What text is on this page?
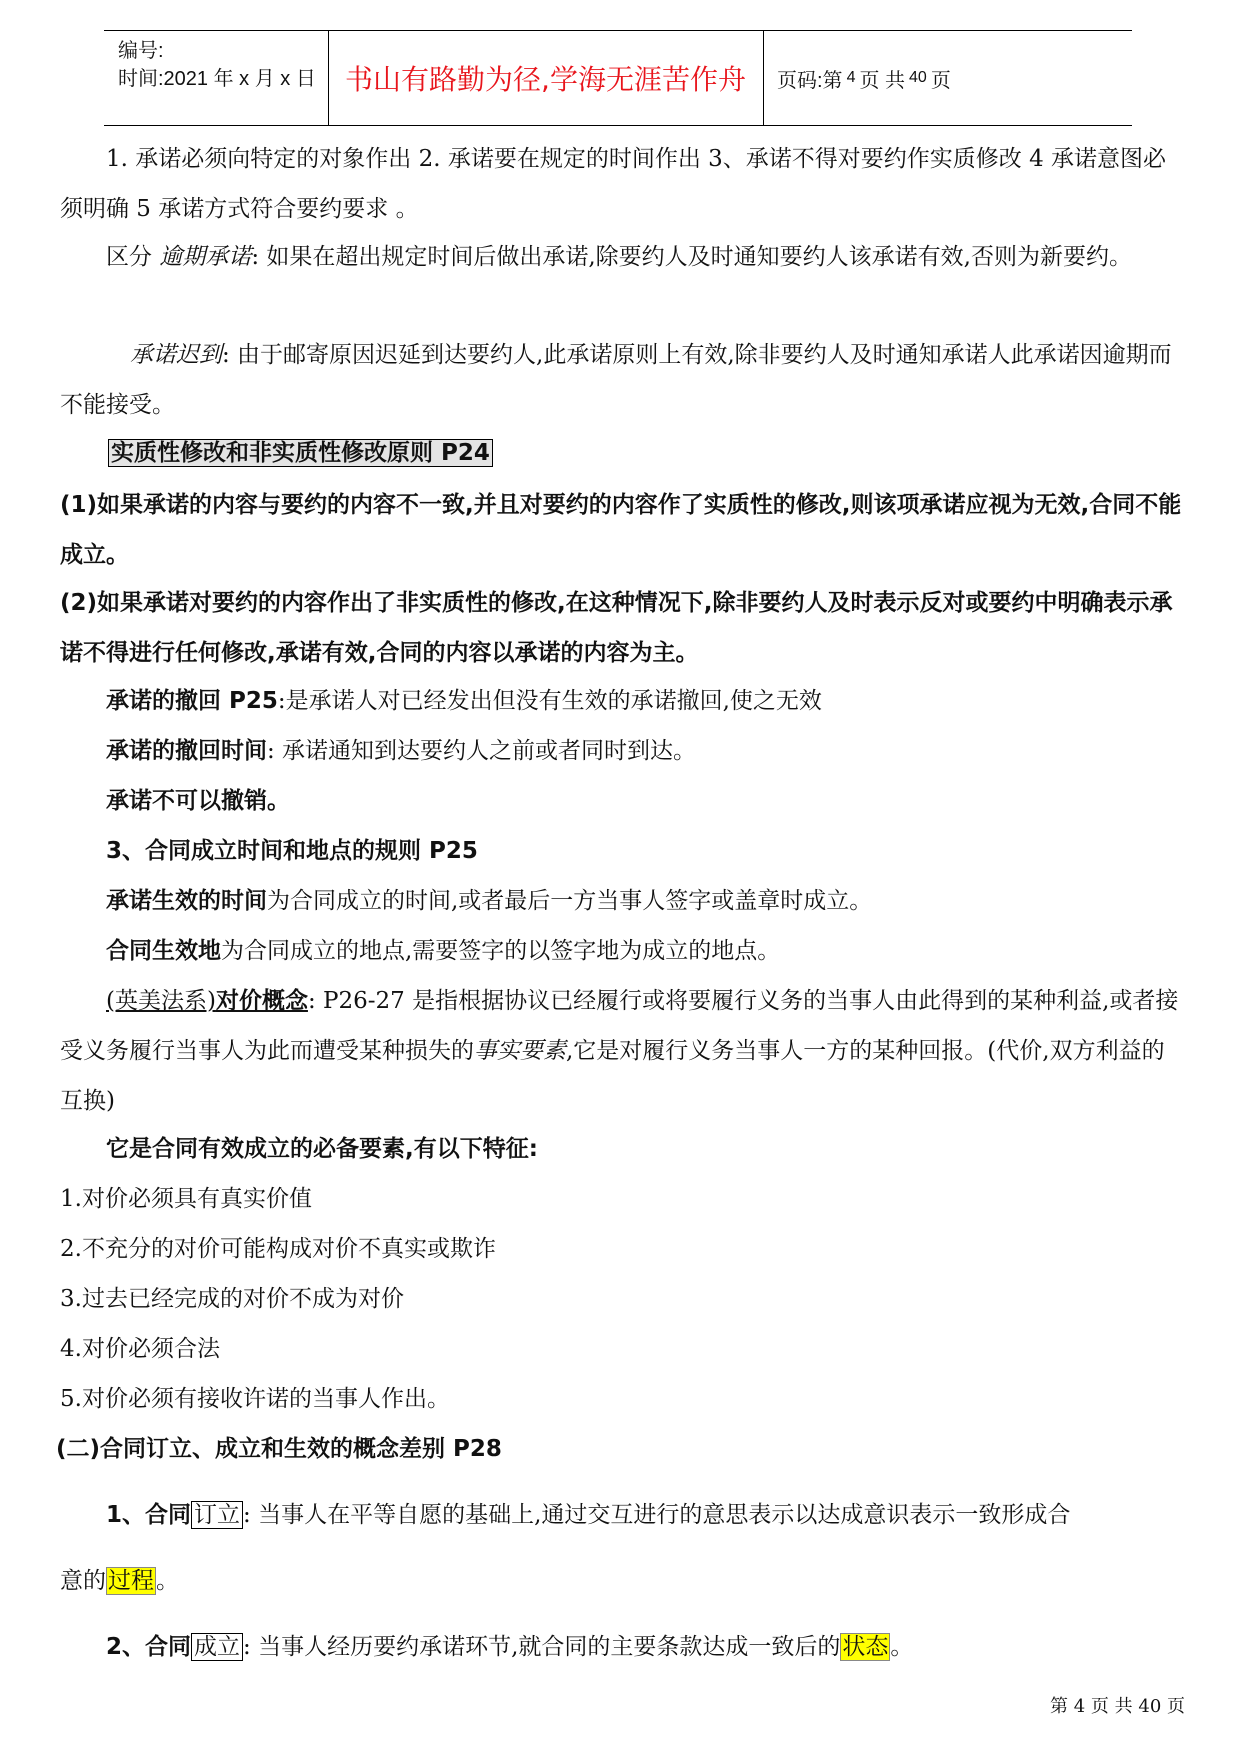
编号:
时间:2021 年 x 月 x 日	书山有路勤为径,学海无涯苦作舟	页码:第 4 页 共 40 页

1. 承诺必须向特定的对象作出 2. 承诺要在规定的时间作出 3、承诺不得对要约作实质修改 4 承诺意图必须明确 5 承诺方式符合要约要求 。

区分 逾期承诺: 如果在超出规定时间后做出承诺,除要约人及时通知要约人该承诺有效,否则为新要约。

承诺迟到: 由于邮寄原因迟延到达要约人,此承诺原则上有效,除非要约人及时通知承诺人此承诺因逾期而不能接受。

实质性修改和非实质性修改原则 P24

(1)如果承诺的内容与要约的内容不一致,并且对要约的内容作了实质性的修改,则该项承诺应视为无效,合同不能成立。

(2)如果承诺对要约的内容作出了非实质性的修改,在这种情况下,除非要约人及时表示反对或要约中明确表示承诺不得进行任何修改,承诺有效,合同的内容以承诺的内容为主。

承诺的撤回 P25:是承诺人对已经发出但没有生效的承诺撤回,使之无效

承诺的撤回时间: 承诺通知到达要约人之前或者同时到达。

承诺不可以撤销。

3、合同成立时间和地点的规则 P25

承诺生效的时间为合同成立的时间,或者最后一方当事人签字或盖章时成立。

合同生效地为合同成立的地点,需要签字的以签字地为成立的地点。

(英美法系)对价概念: P26-27 是指根据协议已经履行或将要履行义务的当事人由此得到的某种利益,或者接受义务履行当事人为此而遭受某种损失的事实要素,它是对履行义务当事人一方的某种回报。(代价,双方利益的互换)

它是合同有效成立的必备要素,有以下特征:

1.对价必须具有真实价值

2.不充分的对价可能构成对价不真实或欺诈

3.过去已经完成的对价不成为对价

4.对价必须合法

5.对价必须有接收许诺的当事人作出。

(二)合同订立、成立和生效的概念差别 P28

1、合同 订立 : 当事人在平等自愿的基础上,通过交互进行的意思表示以达成意识表示一致形成合

意的过程。

2、合同 成立 : 当事人经历要约承诺环节,就合同的主要条款达成一致后的状态。

第 4 页 共 40 页
